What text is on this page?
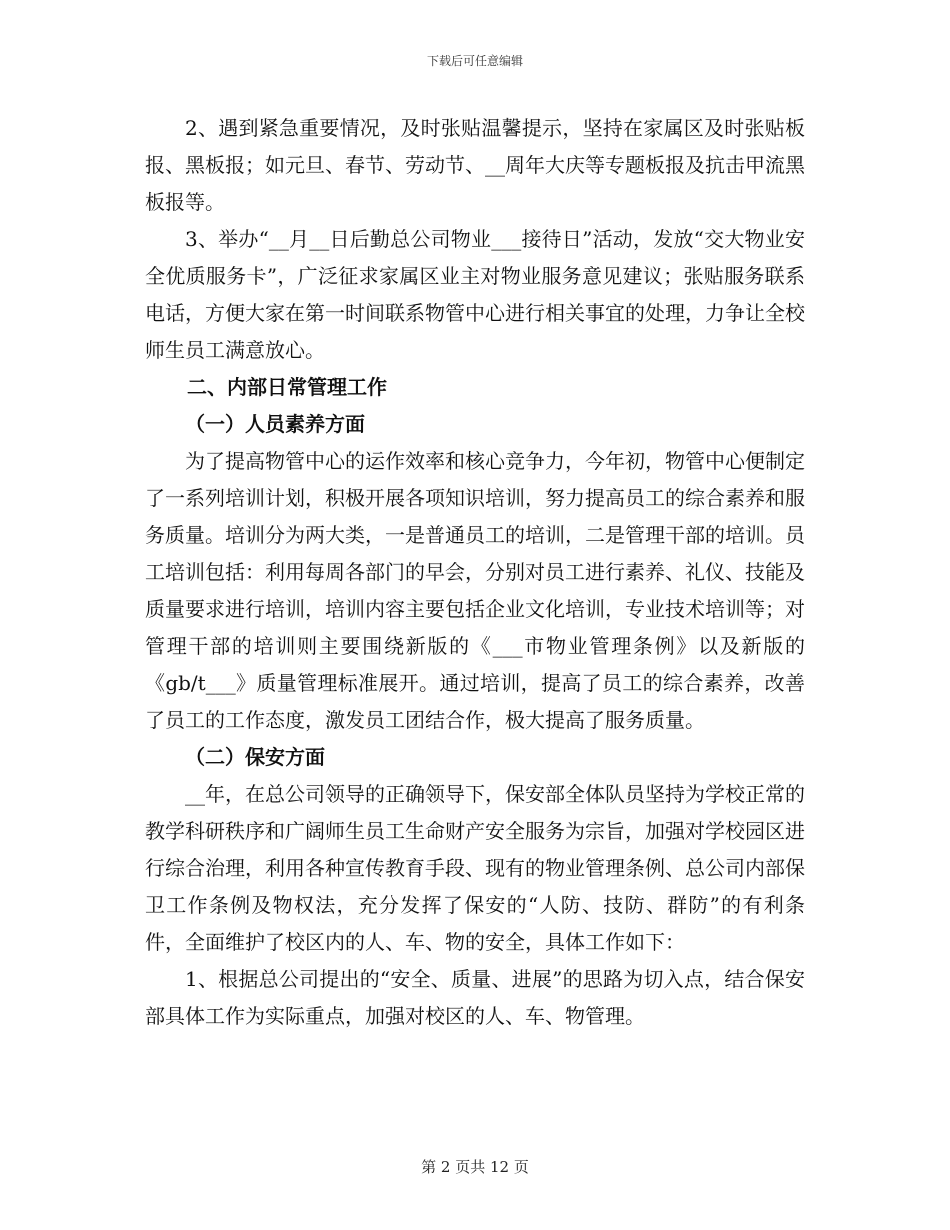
下载后可任意编辑

2、遇到紧急重要情况，及时张贴温馨提示，坚持在家属区及时张贴板报、黑板报；如元旦、春节、劳动节、__周年大庆等专题板报及抗击甲流黑板报等。

3、举办“__月__日后勤总公司物业___接待日”活动，发放“交大物业安全优质服务卡”，广泛征求家属区业主对物业服务意见建议；张贴服务联系电话，方便大家在第一时间联系物管中心进行相关事宜的处理，力争让全校师生员工满意放心。

二、内部日常管理工作

（一）人员素养方面

为了提高物管中心的运作效率和核心竞争力，今年初，物管中心便制定了一系列培训计划，积极开展各项知识培训，努力提高员工的综合素养和服务质量。培训分为两大类，一是普通员工的培训，二是管理干部的培训。员工培训包括：利用每周各部门的早会，分别对员工进行素养、礼仪、技能及质量要求进行培训，培训内容主要包括企业文化培训，专业技术培训等；对管理干部的培训则主要围绕新版的《___市物业管理条例》以及新版的《gb/t___》质量管理标准展开。通过培训，提高了员工的综合素养，改善了员工的工作态度，激发员工团结合作，极大提高了服务质量。

（二）保安方面

__年，在总公司领导的正确领导下，保安部全体队员坚持为学校正常的教学科研秩序和广阔师生员工生命财产安全服务为宗旨，加强对学校园区进行综合治理，利用各种宣传教育手段、现有的物业管理条例、总公司内部保卫工作条例及物权法，充分发挥了保安的“人防、技防、群防”的有利条件，全面维护了校区内的人、车、物的安全，具体工作如下：

1、根据总公司提出的“安全、质量、进展”的思路为切入点，结合保安部具体工作为实际重点，加强对校区的人、车、物管理。

第 2 页共 12 页
